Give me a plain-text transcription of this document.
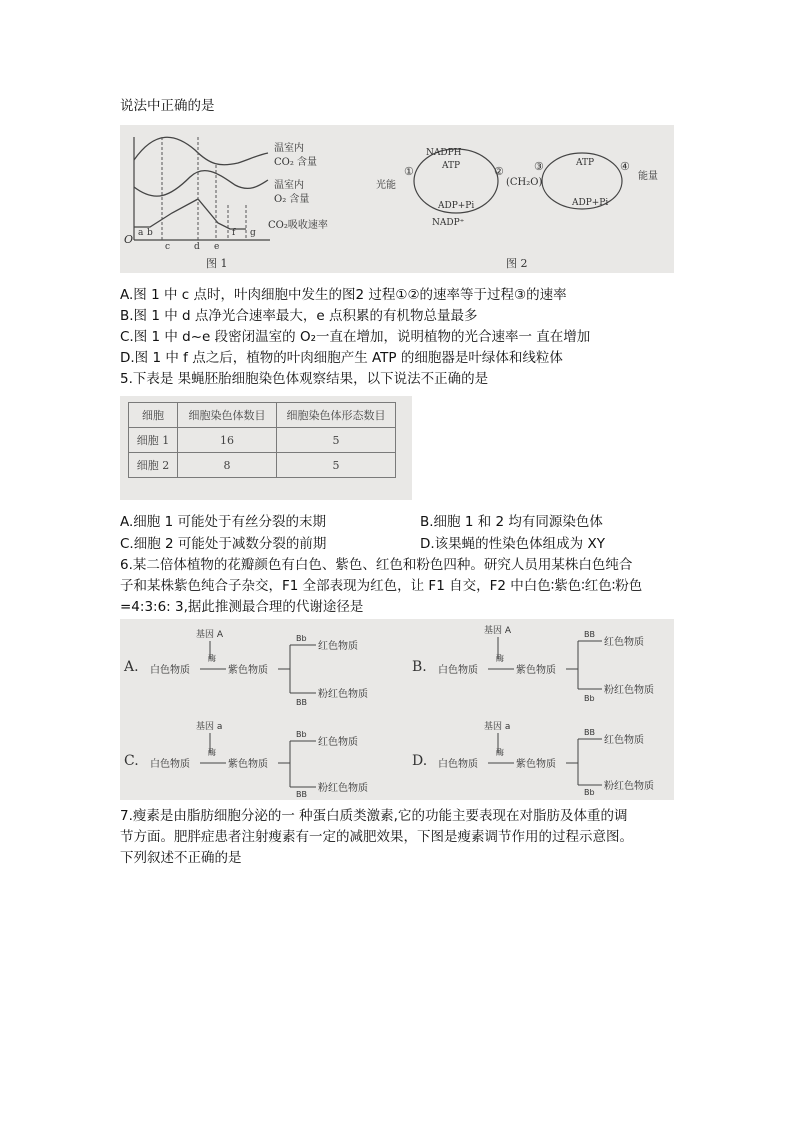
说法中正确的是
O a b
c	d e
f g
温室内
CO₂ 含量
温室内
O₂ 含量
CO₂吸收速率
图 1
NADPH
ATP
ADP+Pi
NADP⁺
光能	(CH₂O)
ATP
ADP+Pi
能量
①	②	③	④
图 2
A.图 1 中 c 点时，叶肉细胞中发生的图2 过程①②的速率等于过程③的速率
B.图 1 中 d 点净光合速率最大，e 点积累的有机物总量最多
C.图 1 中 d~e 段密闭温室的 O₂一直在增加，说明植物的光合速率一 直在增加
D.图 1 中 f 点之后，植物的叶肉细胞产生 ATP 的细胞器是叶绿体和线粒体
5.下表是 果蝇胚胎细胞染色体观察结果，以下说法不正确的是
细胞	细胞染色体数目	细胞染色体形态数目
细胞 1	16	5
细胞 2	8	5
A.细胞 1 可能处于有丝分裂的末期	B.细胞 1 和 2 均有同源染色体
C.细胞 2 可能处于减数分裂的前期	D.该果蝇的性染色体组成为 XY
6.某二倍体植物的花瓣颜色有白色、紫色、红色和粉色四种。研究人员用某株白色纯合
子和某株紫色纯合子杂交，F1 全部表现为红色，让 F1 自交，F2 中白色∶紫色∶红色∶粉色
=4:3:6: 3,据此推测最合理的代谢途径是
A.
基因 A
酶
白色物质	紫色物质
Bb
BB
红色物质
粉红色物质
B.
基因 A
酶
白色物质	紫色物质
BB
Bb
红色物质
粉红色物质
C.
基因 a
酶
白色物质	紫色物质
Bb
BB
红色物质
粉红色物质
D.
基因 a
酶
白色物质	紫色物质
BB
Bb
红色物质
粉红色物质
7.瘦素是由脂肪细胞分泌的一 种蛋白质类激素,它的功能主要表现在对脂肪及体重的调
节方面。肥胖症患者注射瘦素有一定的减肥效果，下图是瘦素调节作用的过程示意图。
下列叙述不正确的是
